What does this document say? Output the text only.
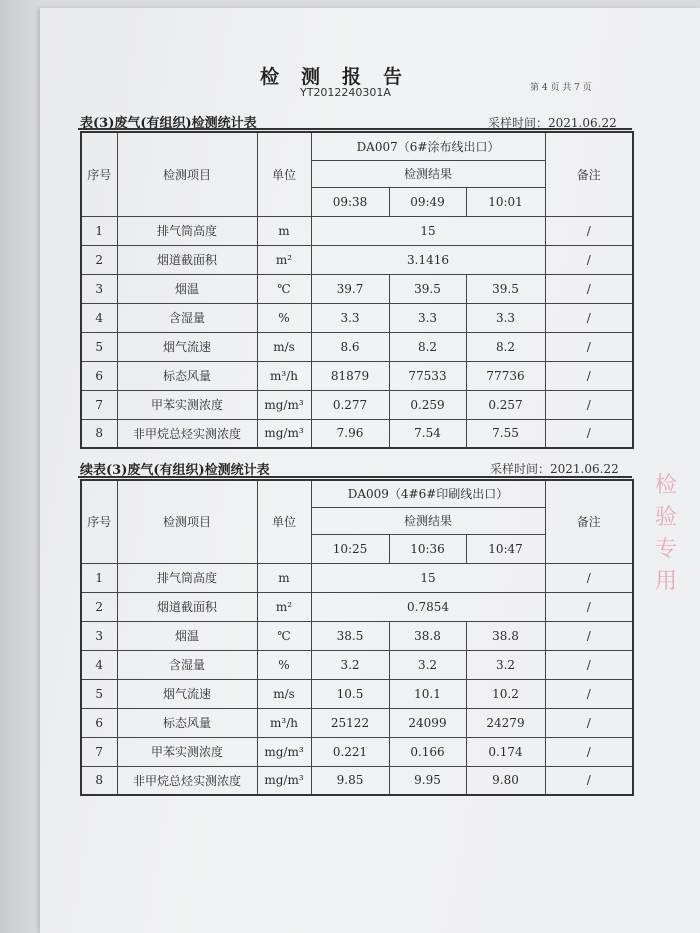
检测报告
YT2012240301A	第 4 页 共 7 页
表(3)废气(有组织)检测统计表	采样时间：2021.06.22
序号	检测项目	单位	DA007（6#涂布线出口）			备注
			检测结果			
			09:38	09:49	10:01	
1	排气筒高度	m	15			/
2	烟道截面积	m²	3.1416			/
3	烟温	℃	39.7	39.5	39.5	/
4	含湿量	%	3.3	3.3	3.3	/
5	烟气流速	m/s	8.6	8.2	8.2	/
6	标态风量	m³/h	81879	77533	77736	/
7	甲苯实测浓度	mg/m³	0.277	0.259	0.257	/
8	非甲烷总烃实测浓度	mg/m³	7.96	7.54	7.55	/
续表(3)废气(有组织)检测统计表	采样时间：2021.06.22
序号	检测项目	单位	DA009（4#6#印刷线出口）			备注
			检测结果			
			10:25	10:36	10:47	
1	排气筒高度	m	15			/
2	烟道截面积	m²	0.7854			/
3	烟温	℃	38.5	38.8	38.8	/
4	含湿量	%	3.2	3.2	3.2	/
5	烟气流速	m/s	10.5	10.1	10.2	/
6	标态风量	m³/h	25122	24099	24279	/
7	甲苯实测浓度	mg/m³	0.221	0.166	0.174	/
8	非甲烷总烃实测浓度	mg/m³	9.85	9.95	9.80	/
检 验 专 用
